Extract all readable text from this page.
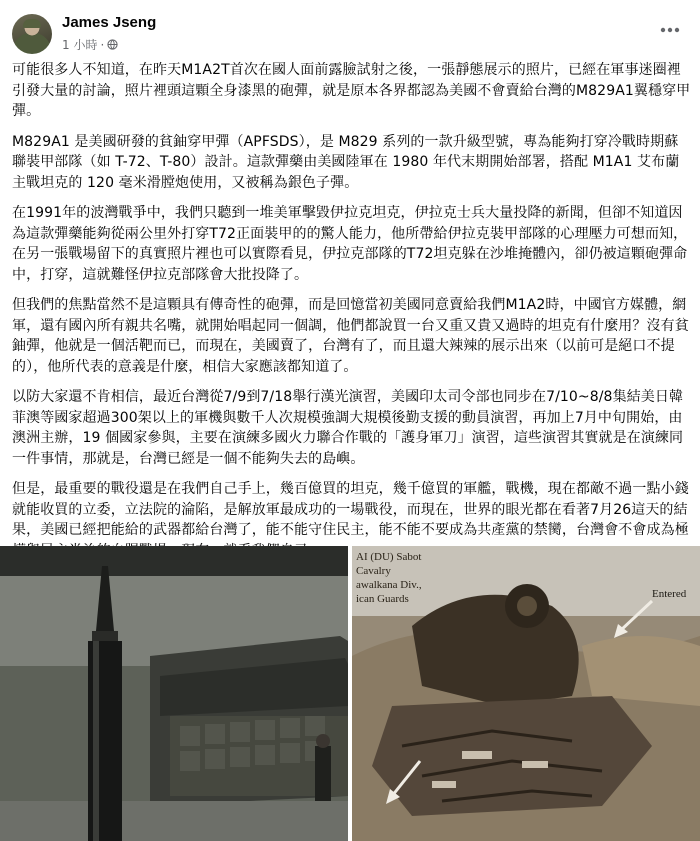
James Jseng
1 小時 ·

可能很多人不知道，在昨天M1A2T首次在國人面前露臉試射之後，一張靜態展示的照片，已經在軍事迷圈裡引發大量的討論，照片裡頭這顆全身漆黑的砲彈，就是原本各界都認為美國不會賣給台灣的M829A1翼穩穿甲彈。

M829A1 是美國研發的貧鈾穿甲彈（APFSDS），是 M829 系列的一款升級型號，專為能夠打穿冷戰時期蘇聯裝甲部隊（如 T-72、T-80）設計。這款彈藥由美國陸軍在 1980 年代末期開始部署，搭配 M1A1 艾布蘭主戰坦克的 120 毫米滑膛炮使用，又被稱為銀色子彈。

在1991年的波灣戰爭中，我們只聽到一堆美軍擊毀伊拉克坦克，伊拉克士兵大量投降的新聞，但卻不知道因為這款彈藥能夠從兩公里外打穿T72正面裝甲的的驚人能力，他所帶給伊拉克裝甲部隊的心理壓力可想而知，在另一張戰場留下的真實照片裡也可以實際看見，伊拉克部隊的T72坦克躲在沙堆掩體內，卻仍被這顆砲彈命中，打穿，這就難怪伊拉克部隊會大批投降了。

但我們的焦點當然不是這顆具有傳奇性的砲彈，而是回憶當初美國同意賣給我們M1A2時，中國官方媒體，網軍，還有國內所有親共名嘴，就開始唱起同一個調，他們都說買一台又重又貴又過時的坦克有什麼用？沒有貧鈾彈，他就是一個活靶而已，而現在，美國賣了，台灣有了，而且還大辣辣的展示出來（以前可是絕口不提的），他所代表的意義是什麼，相信大家應該都知道了。

以防大家還不肯相信，最近台灣從7/9到7/18舉行漢光演習，美國印太司令部也同步在7/10~8/8集結美日韓菲澳等國家超過300架以上的軍機與數千人次規模強調大規模後勤支援的動員演習，再加上7月中旬開始，由澳洲主辦，19 個國家參與，主要在演練多國火力聯合作戰的「護身軍刀」演習，這些演習其實就是在演練同一件事情，那就是，台灣已經是一個不能夠失去的島嶼。

但是，最重要的戰役還是在我們自己手上，幾百億買的坦克，幾千億買的軍艦，戰機，現在都敵不過一點小錢就能收買的立委，立法院的淪陷，是解放軍最成功的一場戰役，而現在，世界的眼光都在看著7月26這天的結果，美國已經把能給的武器都給台灣了，能不能守住民主，能不能不要成為共產黨的禁臠，台灣會不會成為極

AI (DU) Sabot
Cavalry
awalkana Div.,
ican Guards	Entered
